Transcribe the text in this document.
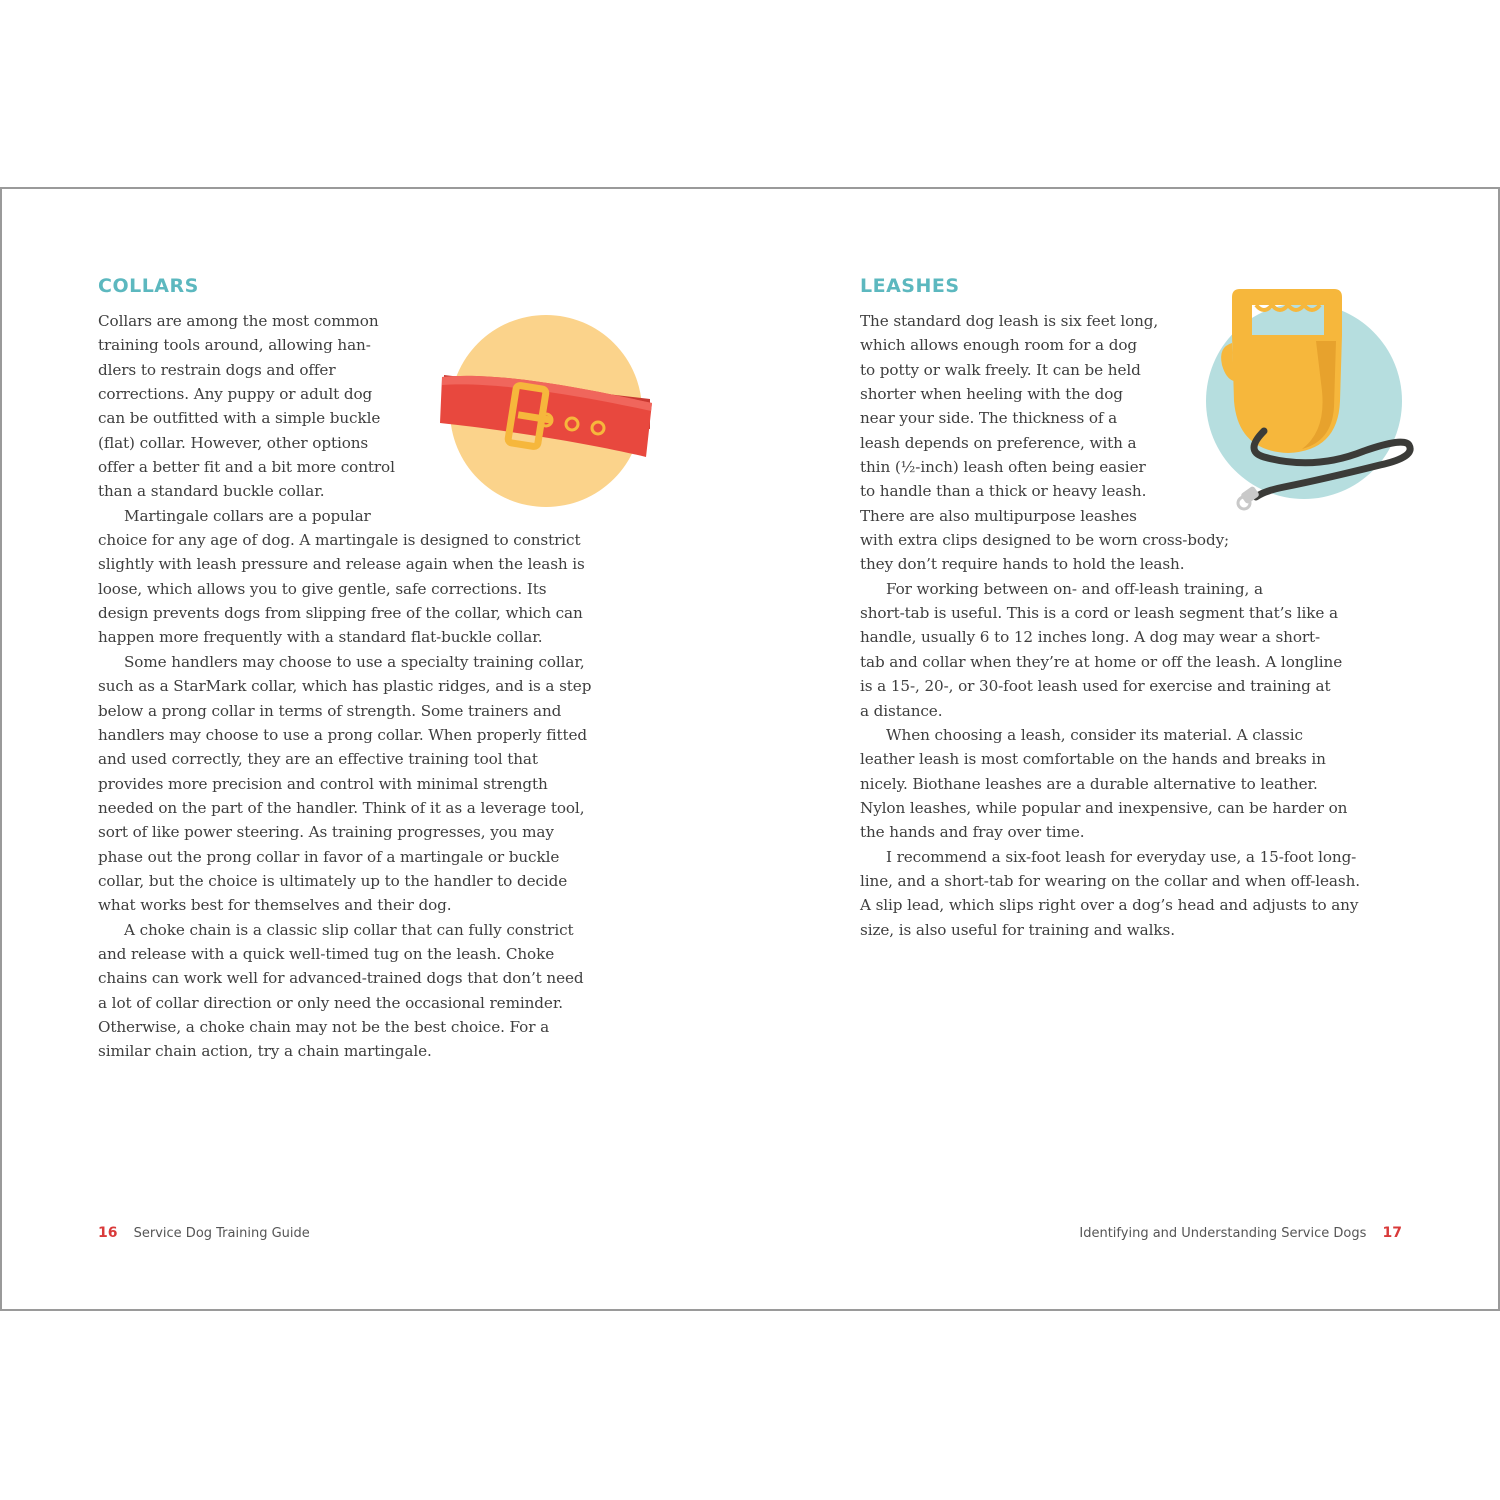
COLLARS
Collars are among the most common
training tools around, allowing han-
dlers to restrain dogs and offer
corrections. Any puppy or adult dog
can be outfitted with a simple buckle
(flat) collar. However, other options
offer a better fit and a bit more control
than a standard buckle collar.
Martingale collars are a popular
choice for any age of dog. A martingale is designed to constrict
slightly with leash pressure and release again when the leash is
loose, which allows you to give gentle, safe corrections. Its
design prevents dogs from slipping free of the collar, which can
happen more frequently with a standard flat-buckle collar.
Some handlers may choose to use a specialty training collar,
such as a StarMark collar, which has plastic ridges, and is a step
below a prong collar in terms of strength. Some trainers and
handlers may choose to use a prong collar. When properly fitted
and used correctly, they are an effective training tool that
provides more precision and control with minimal strength
needed on the part of the handler. Think of it as a leverage tool,
sort of like power steering. As training progresses, you may
phase out the prong collar in favor of a martingale or buckle
collar, but the choice is ultimately up to the handler to decide
what works best for themselves and their dog.
A choke chain is a classic slip collar that can fully constrict
and release with a quick well-timed tug on the leash. Choke
chains can work well for advanced-trained dogs that don’t need
a lot of collar direction or only need the occasional reminder.
Otherwise, a choke chain may not be the best choice. For a
similar chain action, try a chain martingale.
16 Service Dog Training Guide
LEASHES
The standard dog leash is six feet long,
which allows enough room for a dog
to potty or walk freely. It can be held
shorter when heeling with the dog
near your side. The thickness of a
leash depends on preference, with a
thin (½-inch) leash often being easier
to handle than a thick or heavy leash.
There are also multipurpose leashes
with extra clips designed to be worn cross-body;
they don’t require hands to hold the leash.
For working between on- and off-leash training, a
short-tab is useful. This is a cord or leash segment that’s like a
handle, usually 6 to 12 inches long. A dog may wear a short-
tab and collar when they’re at home or off the leash. A longline
is a 15-, 20-, or 30-foot leash used for exercise and training at
a distance.
When choosing a leash, consider its material. A classic
leather leash is most comfortable on the hands and breaks in
nicely. Biothane leashes are a durable alternative to leather.
Nylon leashes, while popular and inexpensive, can be harder on
the hands and fray over time.
I recommend a six-foot leash for everyday use, a 15-foot long-
line, and a short-tab for wearing on the collar and when off-leash.
A slip lead, which slips right over a dog’s head and adjusts to any
size, is also useful for training and walks.
Identifying and Understanding Service Dogs 17
